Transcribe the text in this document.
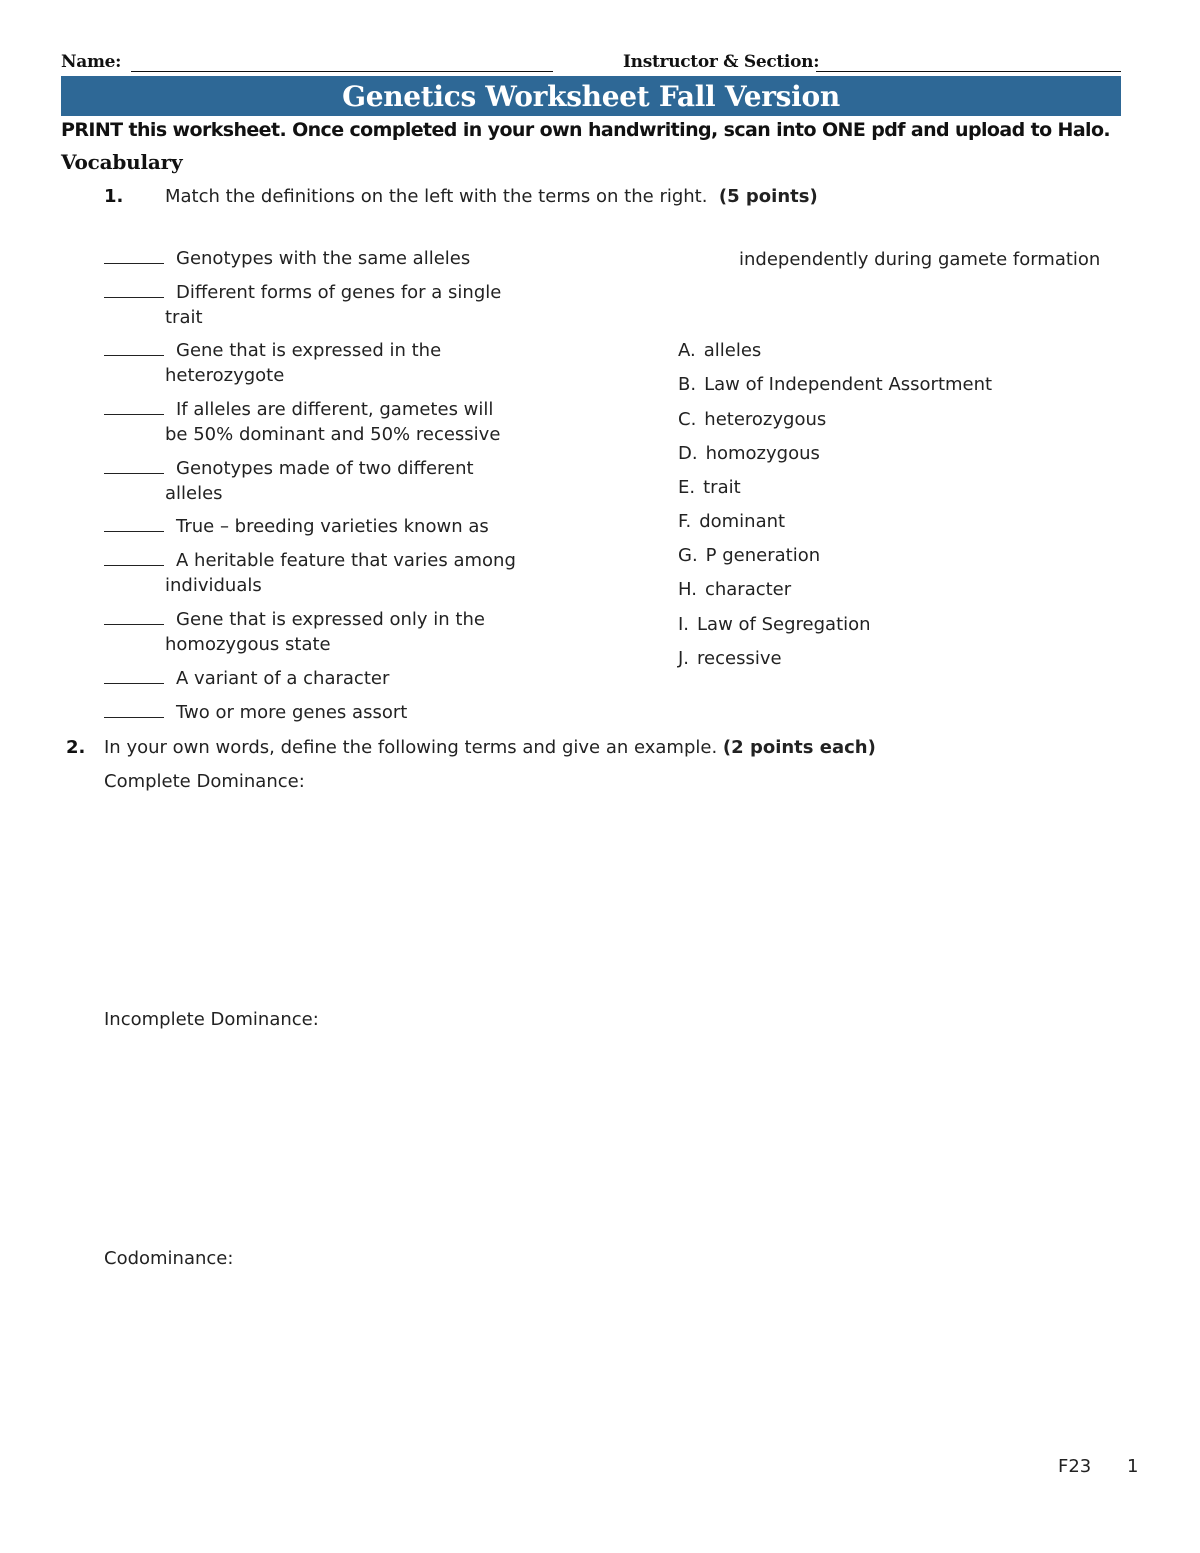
Name:	Instructor & Section:
Genetics Worksheet Fall Version
PRINT this worksheet. Once completed in your own handwriting, scan into ONE pdf and upload to Halo.
Vocabulary
1. Match the definitions on the left with the terms on the right. (5 points)
Genotypes with the same alleles
Different forms of genes for a single
trait
Gene that is expressed in the
heterozygote
If alleles are different, gametes will
be 50% dominant and 50% recessive
Genotypes made of two different
alleles
True – breeding varieties known as
A heritable feature that varies among
individuals
Gene that is expressed only in the
homozygous state
A variant of a character
Two or more genes assort
independently during gamete formation
A. alleles
B. Law of Independent Assortment
C. heterozygous
D. homozygous
E. trait
F. dominant
G. P generation
H. character
I. Law of Segregation
J. recessive
2. In your own words, define the following terms and give an example. (2 points each)
Complete Dominance:
Incomplete Dominance:
Codominance:
F23 1
